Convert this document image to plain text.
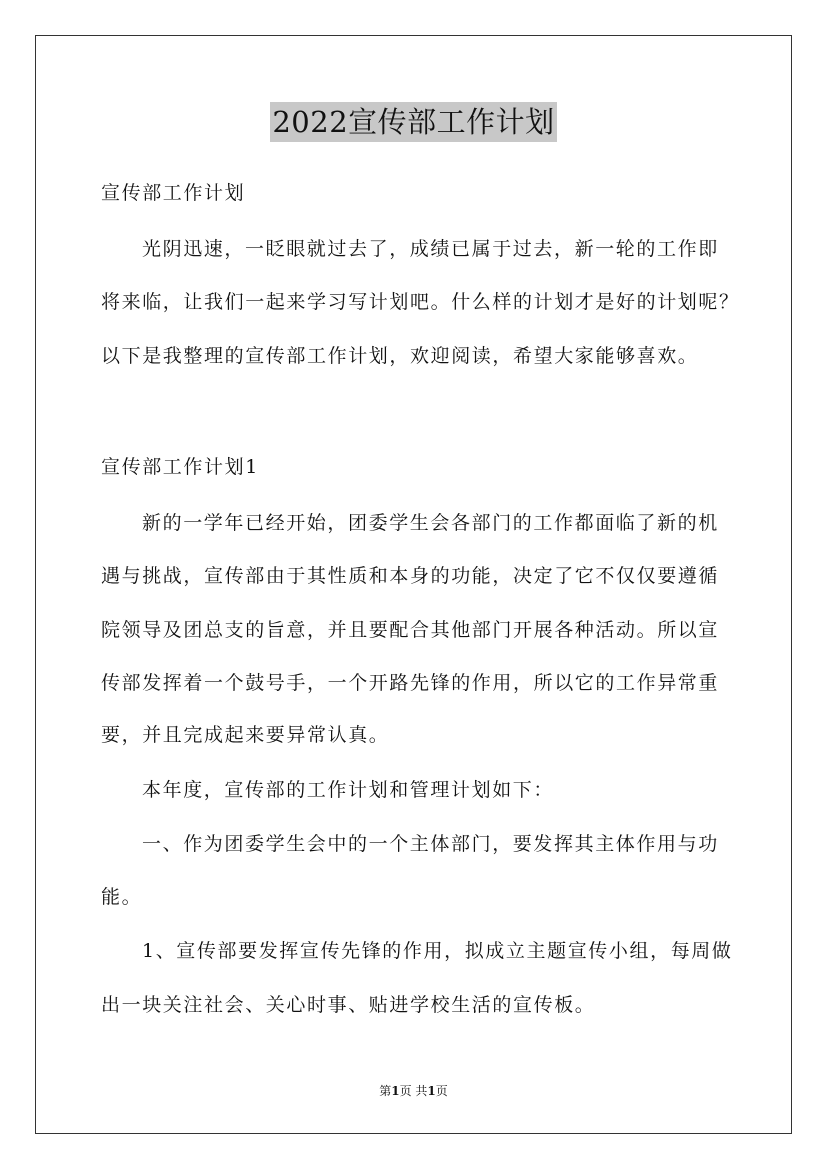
2022宣传部工作计划
宣传部工作计划
光阴迅速，一眨眼就过去了，成绩已属于过去，新一轮的工作即
将来临，让我们一起来学习写计划吧。什么样的计划才是好的计划呢？
以下是我整理的宣传部工作计划，欢迎阅读，希望大家能够喜欢。
宣传部工作计划1
新的一学年已经开始，团委学生会各部门的工作都面临了新的机
遇与挑战，宣传部由于其性质和本身的功能，决定了它不仅仅要遵循
院领导及团总支的旨意，并且要配合其他部门开展各种活动。所以宣
传部发挥着一个鼓号手，一个开路先锋的作用，所以它的工作异常重
要，并且完成起来要异常认真。
本年度，宣传部的工作计划和管理计划如下：
一、作为团委学生会中的一个主体部门，要发挥其主体作用与功
能。
1、宣传部要发挥宣传先锋的作用，拟成立主题宣传小组，每周做
出一块关注社会、关心时事、贴进学校生活的宣传板。
第1页 共1页
